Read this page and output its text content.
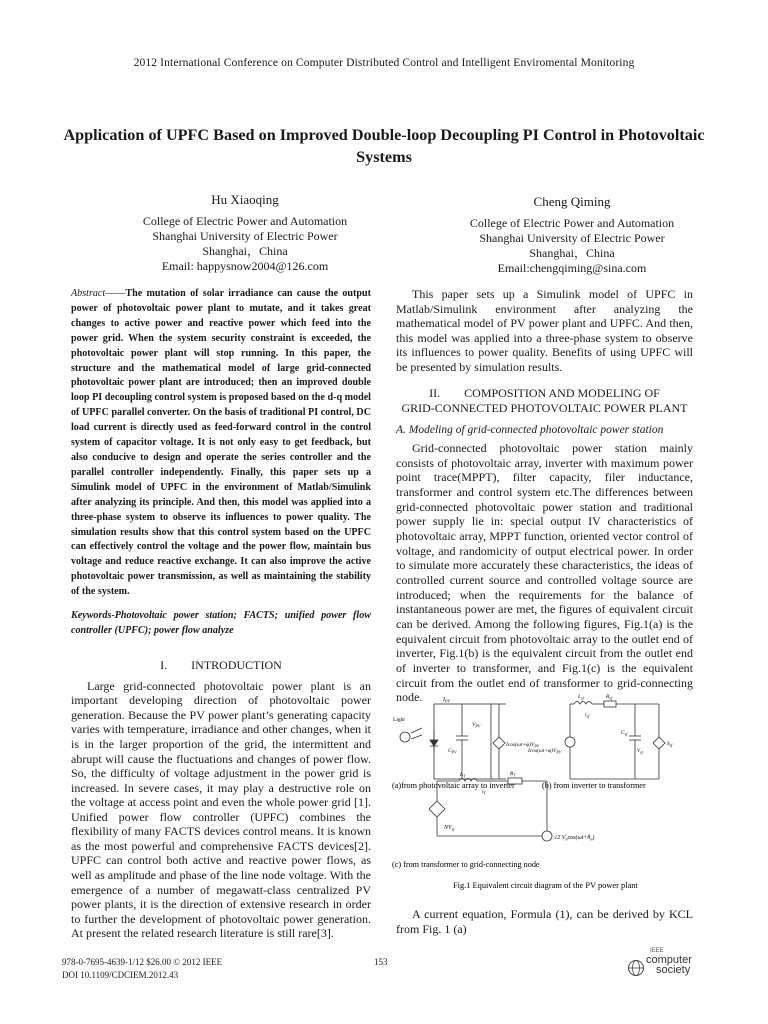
2012 International Conference on Computer Distributed Control and Intelligent Enviromental Monitoring
Application of UPFC Based on Improved Double-loop Decoupling PI Control in Photovoltaic Systems
Hu Xiaoqing
College of Electric Power and Automation
Shanghai University of Electric Power
Shanghai，China
Email: happysnow2004@126.com
Cheng Qiming
College of Electric Power and Automation
Shanghai University of Electric Power
Shanghai，China
Email:chengqiming@sina.com

Abstract——The mutation of solar irradiance can cause the output power of photovoltaic power plant to mutate, and it takes great changes to active power and reactive power which feed into the power grid. When the system security constraint is exceeded, the photovoltaic power plant will stop running. In this paper, the structure and the mathematical model of large grid-connected photovoltaic power plant are introduced; then an improved double loop PI decoupling control system is proposed based on the d-q model of UPFC parallel converter. On the basis of traditional PI control, DC load current is directly used as feed-forward control in the control system of capacitor voltage. It is not only easy to get feedback, but also conducive to design and operate the series controller and the parallel controller independently. Finally, this paper sets up a Simulink model of UPFC in the environment of Matlab/Simulink after analyzing its principle. And then, this model was applied into a three-phase system to observe its influences to power quality. The simulation results show that this control system based on the UPFC can effectively control the voltage and the power flow, maintain bus voltage and reduce reactive exchange. It can also improve the active photovoltaic power transmission, as well as maintaining the stability of the system.

Keywords-Photovoltaic power station; FACTS; unified power flow controller (UPFC); power flow analyze

I.  INTRODUCTION

Large grid-connected photovoltaic power plant is an important developing direction of photovoltaic power generation. Because the PV power plant’s generating capacity varies with temperature, irradiance and other changes, when it is in the larger proportion of the grid, the intermittent and abrupt will cause the fluctuations and changes of power flow. So, the difficulty of voltage adjustment in the power grid is increased. In severe cases, it may play a destructive role on the voltage at access point and even the whole power grid [1]. Unified power flow controller (UPFC) combines the flexibility of many FACTS devices control means. It is known as the most powerful and comprehensive FACTS devices[2]. UPFC can control both active and reactive power flows, as well as amplitude and phase of the line node voltage. With the emergence of a number of megawatt-class centralized PV power plants, it is the direction of extensive research in order to further the development of photovoltaic power generation. At present the related research literature is still rare[3].

This paper sets up a Simulink model of UPFC in Matlab/Simulink environment after analyzing the mathematical model of PV power plant and UPFC. And then, this model was applied into a three-phase system to observe its influences to power quality. Benefits of using UPFC will be presented by simulation results.

II.  COMPOSITION AND MODELING OF
GRID-CONNECTED PHOTOVOLTAIC POWER PLANT
A. Modeling of grid-connected photovoltaic power station

Grid-connected photovoltaic power station mainly consists of photovoltaic array, inverter with maximum power point trace(MPPT), filter capacity, filer inductance, transformer and control system etc.The differences between grid-connected photovoltaic power station and traditional power supply lie in: special output IV characteristics of photovoltaic array, MPPT function, oriented vector control of voltage, and randomicity of output electrical power. In order to simulate more accurately these characteristics, the ideas of controlled current source and controlled voltage source are introduced; when the requirements for the balance of instantaneous power are met, the figures of equivalent circuit can be derived. Among the following figures, Fig.1(a) is the equivalent circuit from photovoltaic array to the outlet end of inverter, Fig.1(b) is the equivalent circuit from the outlet end of inverter to transformer, and Fig.1(c) is the equivalent circuit from the outlet end of transformer to grid-connecting node.

Light
$I_{PV}$
$V_{PV}$
$C_{PV}$
$Icos(\omega t+\varphi)V_{PV}$
$Icos(\omega t+\varphi)V_{PV}$
$L_{sf}$	$R_{sf}$
$i_{sf}$
$C_{sf}$
$V_{sf}$
$S_{sf}$
(a)from photovoltaic array to inverter	(b) from inverter to transformer
$L_T$	$R_T$
$i_T$
$NV_{sf}$
√2 $V_n\cos(\omega t+\theta_n)$
(c) from transformer to grid-connecting node
Fig.1 Equivalent circuit diagram of the PV power plant

A current equation, Formula (1), can be derived by KCL from Fig. 1 (a)

978-0-7695-4639-1/12 $26.00 © 2012 IEEE
DOI 10.1109/CDCIEM.2012.43
153
IEEE
computer
society
